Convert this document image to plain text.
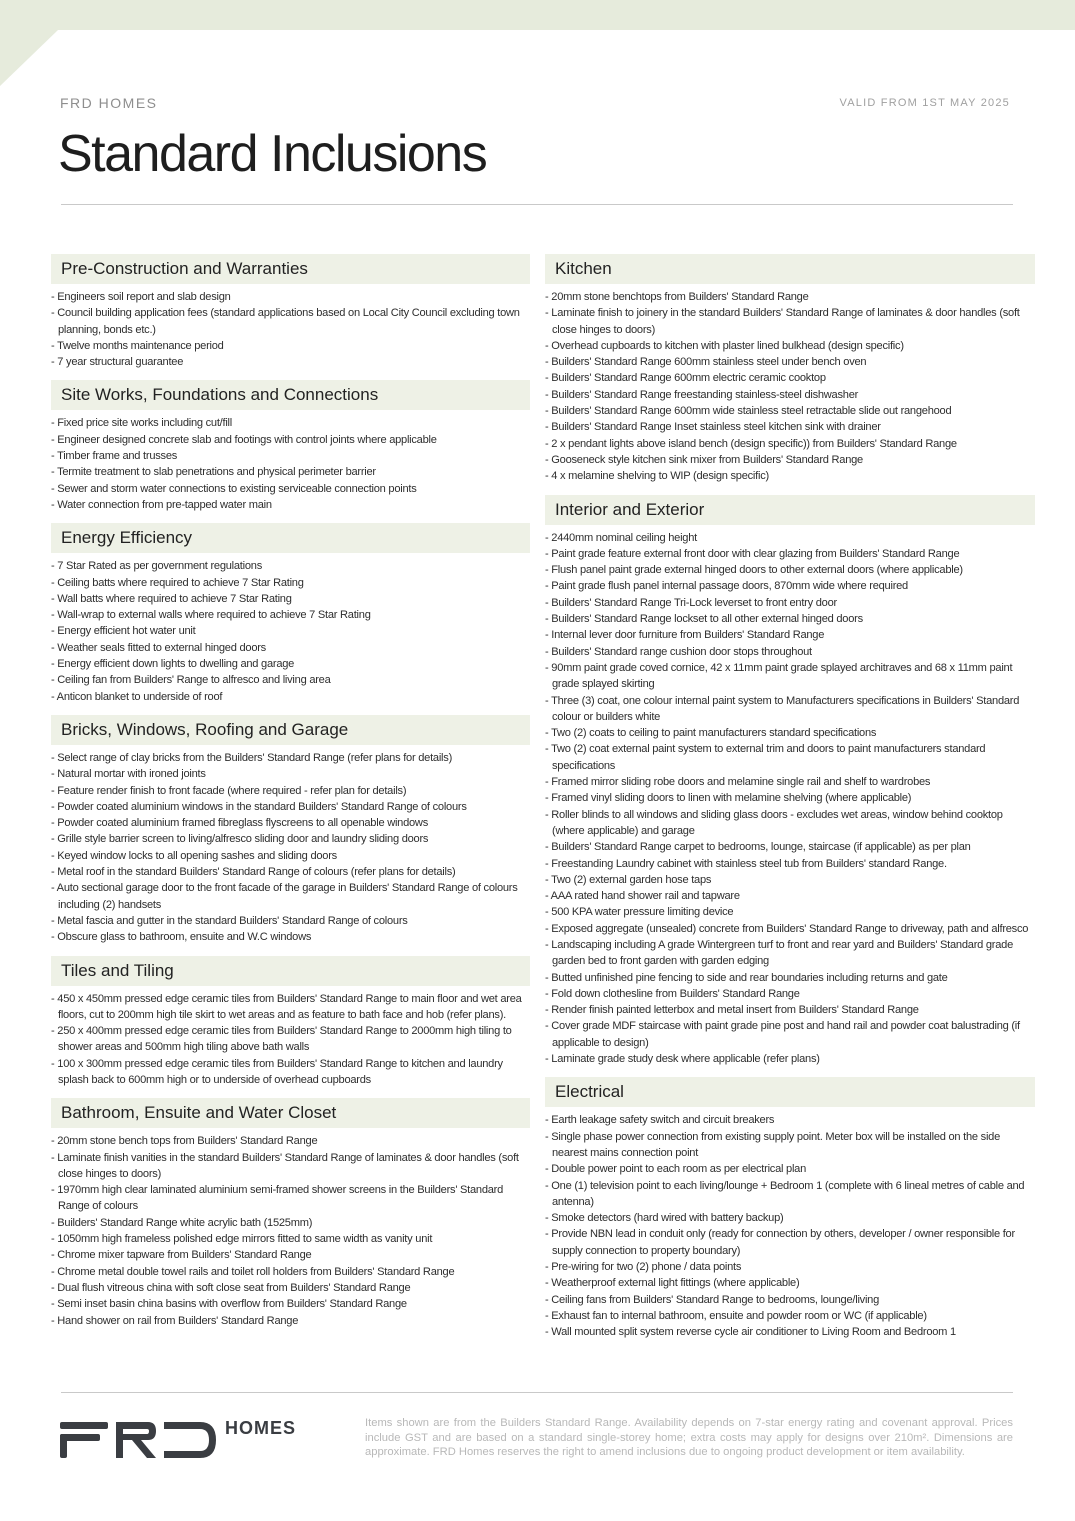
FRD HOMES	VALID FROM 1ST MAY 2025
Standard Inclusions
Pre-Construction and Warranties
- Engineers soil report and slab design
- Council building application fees (standard applications based on Local City Council excluding town planning, bonds etc.)
- Twelve months maintenance period
- 7 year structural guarantee
Site Works, Foundations and Connections
- Fixed price site works including cut/fill
- Engineer designed concrete slab and footings with control joints where applicable
- Timber frame and trusses
- Termite treatment to slab penetrations and physical perimeter barrier
- Sewer and storm water connections to existing serviceable connection points
- Water connection from pre-tapped water main
Energy Efficiency
- 7 Star Rated as per government regulations
- Ceiling batts where required to achieve 7 Star Rating
- Wall batts where required to achieve 7 Star Rating
- Wall-wrap to external walls where required to achieve 7 Star Rating
- Energy efficient hot water unit
- Weather seals fitted to external hinged doors
- Energy efficient down lights to dwelling and garage
- Ceiling fan from Builders' Range to alfresco and living area
- Anticon blanket to underside of roof
Bricks, Windows, Roofing and Garage
- Select range of clay bricks from the Builders' Standard Range (refer plans for details)
- Natural mortar with ironed joints
- Feature render finish to front facade (where required - refer plan for details)
- Powder coated aluminium windows in the standard Builders' Standard Range of colours
- Powder coated aluminium framed fibreglass flyscreens to all openable windows
- Grille style barrier screen to living/alfresco sliding door and laundry sliding doors
- Keyed window locks to all opening sashes and sliding doors
- Metal roof in the standard Builders' Standard Range of colours (refer plans for details)
- Auto sectional garage door to the front facade of the garage in Builders' Standard Range of colours including (2) handsets
- Metal fascia and gutter in the standard Builders' Standard Range of colours
- Obscure glass to bathroom, ensuite and W.C windows
Tiles and Tiling
- 450 x 450mm pressed edge ceramic tiles from Builders' Standard Range to main floor and wet area floors, cut to 200mm high tile skirt to wet areas and as feature to bath face and hob (refer plans).
- 250 x 400mm pressed edge ceramic tiles from Builders' Standard Range to 2000mm high tiling to shower areas and 500mm high tiling above bath walls
- 100 x 300mm pressed edge ceramic tiles from Builders' Standard Range to kitchen and laundry splash back to 600mm high or to underside of overhead cupboards
Bathroom, Ensuite and Water Closet
- 20mm stone bench tops from Builders' Standard Range
- Laminate finish vanities in the standard Builders' Standard Range of laminates & door handles (soft close hinges to doors)
- 1970mm high clear laminated aluminium semi-framed shower screens in the Builders' Standard Range of colours
- Builders' Standard Range white acrylic bath (1525mm)
- 1050mm high frameless polished edge mirrors fitted to same width as vanity unit
- Chrome mixer tapware from Builders' Standard Range
- Chrome metal double towel rails and toilet roll holders from Builders' Standard Range
- Dual flush vitreous china with soft close seat from Builders' Standard Range
- Semi inset basin china basins with overflow from Builders' Standard Range
- Hand shower on rail from Builders' Standard Range
Kitchen
- 20mm stone benchtops from Builders' Standard Range
- Laminate finish to joinery in the standard Builders' Standard Range of laminates & door handles (soft close hinges to doors)
- Overhead cupboards to kitchen with plaster lined bulkhead (design specific)
- Builders' Standard Range 600mm stainless steel under bench oven
- Builders' Standard Range 600mm electric ceramic cooktop
- Builders' Standard Range freestanding stainless-steel dishwasher
- Builders' Standard Range 600mm wide stainless steel retractable slide out rangehood
- Builders' Standard Range Inset stainless steel kitchen sink with drainer
- 2 x pendant lights above island bench (design specific)) from Builders' Standard Range
- Gooseneck style kitchen sink mixer from Builders' Standard Range
- 4 x melamine shelving to WIP (design specific)
Interior and Exterior
- 2440mm nominal ceiling height
- Paint grade feature external front door with clear glazing from Builders' Standard Range
- Flush panel paint grade external hinged doors to other external doors (where applicable)
- Paint grade flush panel internal passage doors, 870mm wide where required
- Builders' Standard Range Tri-Lock leverset to front entry door
- Builders' Standard Range lockset to all other external hinged doors
- Internal lever door furniture from Builders' Standard Range
- Builders' Standard range cushion door stops throughout
- 90mm paint grade coved cornice, 42 x 11mm paint grade splayed architraves and 68 x 11mm paint grade splayed skirting
- Three (3) coat, one colour internal paint system to Manufacturers specifications in Builders' Standard colour or builders white
- Two (2) coats to ceiling to paint manufacturers standard specifications
- Two (2) coat external paint system to external trim and doors to paint manufacturers standard specifications
- Framed mirror sliding robe doors and melamine single rail and shelf to wardrobes
- Framed vinyl sliding doors to linen with melamine shelving (where applicable)
- Roller blinds to all windows and sliding glass doors - excludes wet areas, window behind cooktop (where applicable) and garage
- Builders' Standard Range carpet to bedrooms, lounge, staircase (if applicable) as per plan
- Freestanding Laundry cabinet with stainless steel tub from Builders' standard Range.
- Two (2) external garden hose taps
- AAA rated hand shower rail and tapware
- 500 KPA water pressure limiting device
- Exposed aggregate (unsealed) concrete from Builders' Standard Range to driveway, path and alfresco
- Landscaping including A grade Wintergreen turf to front and rear yard and Builders' Standard grade garden bed to front garden with garden edging
- Butted unfinished pine fencing to side and rear boundaries including returns and gate
- Fold down clothesline from Builders' Standard Range
- Render finish painted letterbox and metal insert from Builders' Standard Range
- Cover grade MDF staircase with paint grade pine post and hand rail and powder coat balustrading (if applicable to design)
- Laminate grade study desk where applicable (refer plans)
Electrical
- Earth leakage safety switch and circuit breakers
- Single phase power connection from existing supply point. Meter box will be installed on the side nearest mains connection point
- Double power point to each room as per electrical plan
- One (1) television point to each living/lounge + Bedroom 1 (complete with 6 lineal metres of cable and antenna)
- Smoke detectors (hard wired with battery backup)
- Provide NBN lead in conduit only (ready for connection by others, developer / owner responsible for supply connection to property boundary)
- Pre-wiring for two (2) phone / data points
- Weatherproof external light fittings (where applicable)
- Ceiling fans from Builders' Standard Range to bedrooms, lounge/living
- Exhaust fan to internal bathroom, ensuite and powder room or WC (if applicable)
- Wall mounted split system reverse cycle air conditioner to Living Room and Bedroom 1
HOMES	Items shown are from the Builders Standard Range. Availability depends on 7-star energy rating and covenant approval. Prices include GST and are based on a standard single-storey home; extra costs may apply for designs over 210m². Dimensions are approximate. FRD Homes reserves the right to amend inclusions due to ongoing product development or item availability.
